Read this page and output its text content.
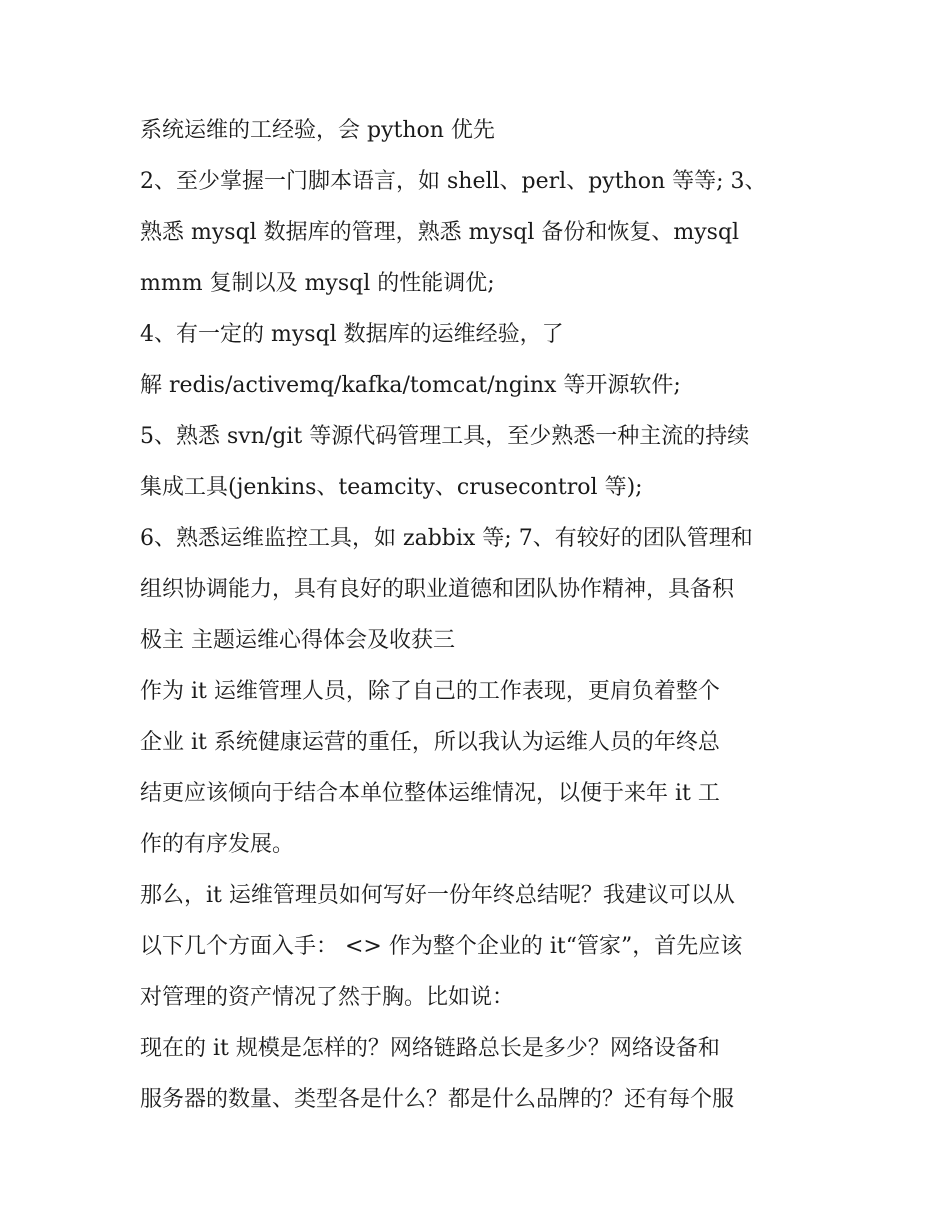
系统运维的工经验，会 python 优先
2、至少掌握一门脚本语言，如 shell、perl、python 等等; 3、
熟悉 mysql 数据库的管理，熟悉 mysql 备份和恢复、mysql
mmm 复制以及 mysql 的性能调优;
4、有一定的 mysql 数据库的运维经验，了
解 redis/activemq/kafka/tomcat/nginx 等开源软件;
5、熟悉 svn/git 等源代码管理工具，至少熟悉一种主流的持续
集成工具(jenkins、teamcity、crusecontrol 等);
6、熟悉运维监控工具，如 zabbix 等; 7、有较好的团队管理和
组织协调能力，具有良好的职业道德和团队协作精神，具备积
极主 主题运维心得体会及收获三
作为 it 运维管理人员，除了自己的工作表现，更肩负着整个
企业 it 系统健康运营的重任，所以我认为运维人员的年终总
结更应该倾向于结合本单位整体运维情况，以便于来年 it 工
作的有序发展。
那么，it 运维管理员如何写好一份年终总结呢？我建议可以从
以下几个方面入手： <> 作为整个企业的 it“管家”，首先应该
对管理的资产情况了然于胸。比如说：
现在的 it 规模是怎样的？网络链路总长是多少？网络设备和
服务器的数量、类型各是什么？都是什么品牌的？还有每个服
